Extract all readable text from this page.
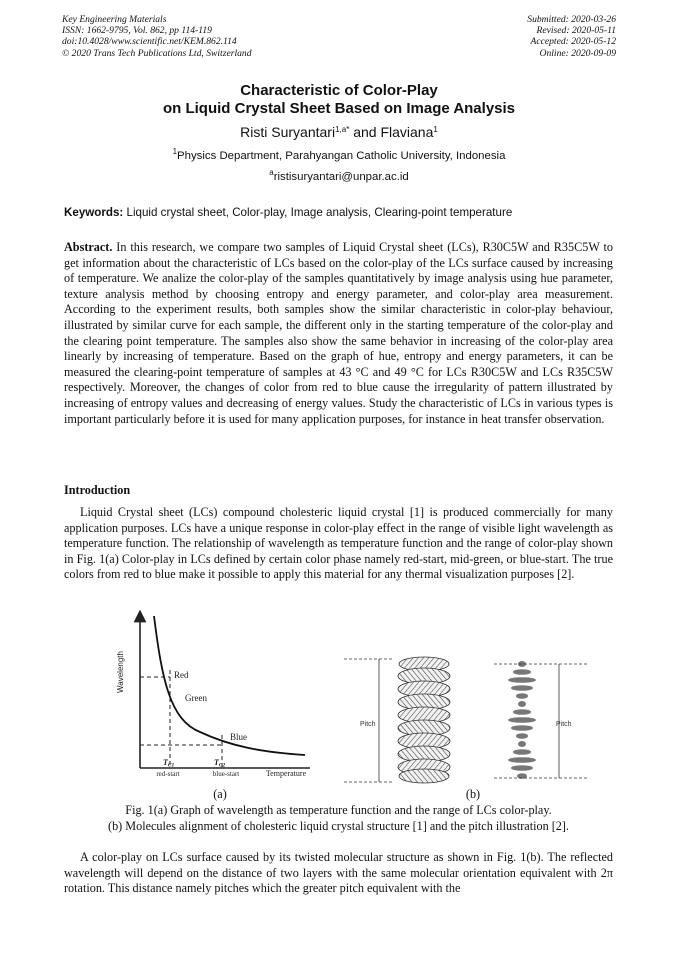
Key Engineering Materials
ISSN: 1662-9795, Vol. 862, pp 114-119
doi:10.4028/www.scientific.net/KEM.862.114
© 2020 Trans Tech Publications Ltd, Switzerland
Submitted: 2020-03-26
Revised: 2020-05-11
Accepted: 2020-05-12
Online: 2020-09-09
Characteristic of Color-Play
on Liquid Crystal Sheet Based on Image Analysis
Risti Suryantari$^{1,a*}$ and Flaviana$^1$
$^1$Physics Department, Parahyangan Catholic University, Indonesia
$^a$ristisuryantari@unpar.ac.id
Keywords: Liquid crystal sheet, Color-play, Image analysis, Clearing-point temperature
Abstract. In this research, we compare two samples of Liquid Crystal sheet (LCs), R30C5W and R35C5W to get information about the characteristic of LCs based on the color-play of the LCs surface caused by increasing of temperature. We analize the color-play of the samples quantitatively by image analysis using hue parameter, texture analysis method by choosing entropy and energy parameter, and color-play area measurement. According to the experiment results, both samples show the similar characteristic in color-play behaviour, illustrated by similar curve for each sample, the different only in the starting temperature of the color-play and the clearing point temperature. The samples also show the same behavior in increasing of the color-play area linearly by increasing of temperature. Based on the graph of hue, entropy and energy parameters, it can be measured the clearing-point temperature of samples at 43 °C and 49 °C for LCs R30C5W and LCs R35C5W respectively. Moreover, the changes of color from red to blue cause the irregularity of pattern illustrated by increasing of entropy values and decreasing of energy values. Study the characteristic of LCs in various types is important particularly before it is used for many application purposes, for instance in heat transfer observation.
Introduction
Liquid Crystal sheet (LCs) compound cholesteric liquid crystal [1] is produced commercially for many application purposes. LCs have a unique response in color-play effect in the range of visible light wavelength as temperature function. The relationship of wavelength as temperature function and the range of color-play shown in Fig. 1(a) Color-play in LCs defined by certain color phase namely red-start, mid-green, or blue-start. The true colors from red to blue make it possible to apply this material for any thermal visualization purposes [2].
Wavelength	Red
Green
Blue
TC1
red-start
TC2
blue-start	Temperature
Pitch	Pitch
(a)	(b)
Fig. 1(a) Graph of wavelength as temperature function and the range of LCs color-play.
(b) Molecules alignment of cholesteric liquid crystal structure [1] and the pitch illustration [2].
A color-play on LCs surface caused by its twisted molecular structure as shown in Fig. 1(b). The reflected wavelength will depend on the distance of two layers with the same molecular orientation equivalent with 2π rotation. This distance namely pitches which the greater pitch equivalent with the
